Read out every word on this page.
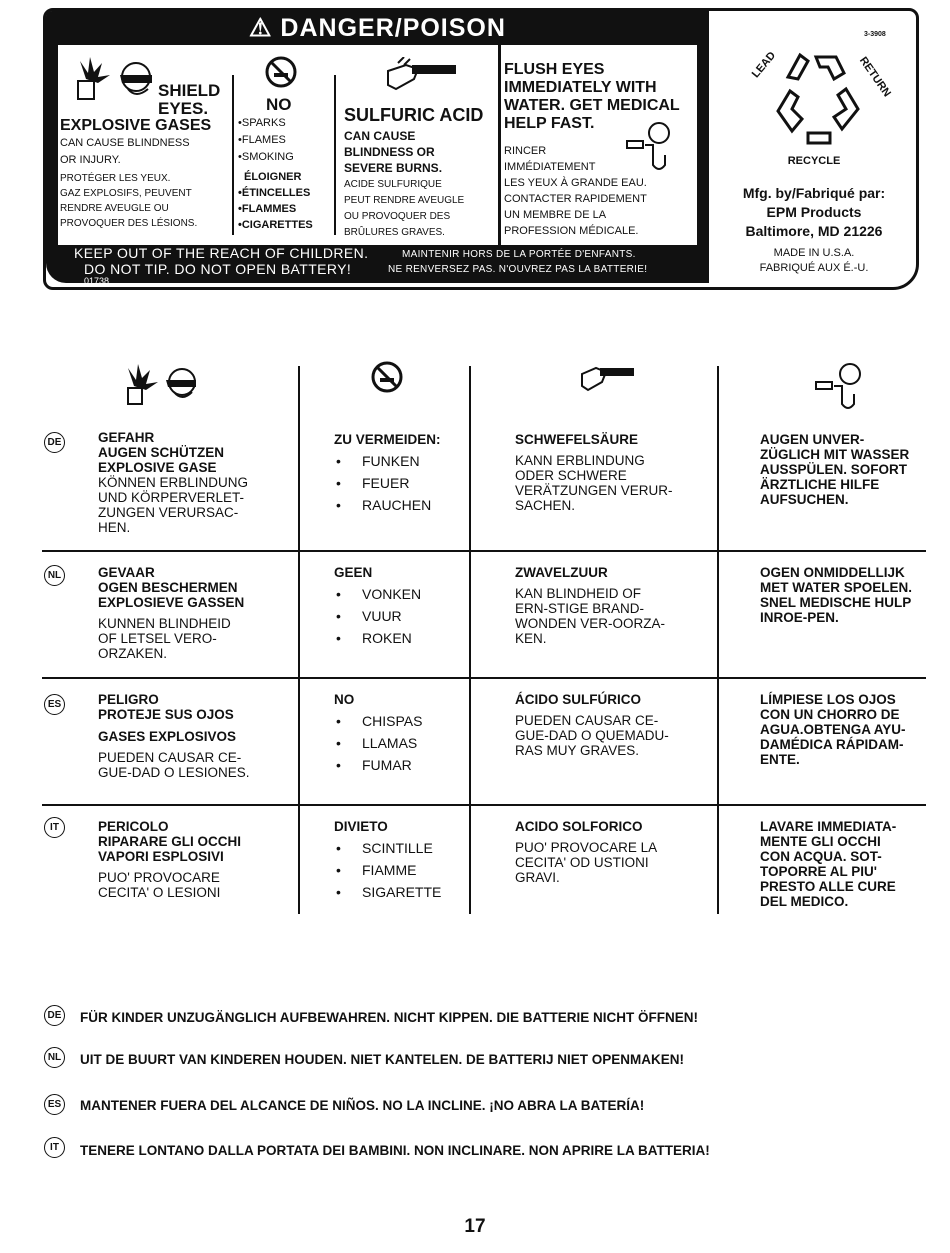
⚠ DANGER/POISON
SHIELD
EYES.
EXPLOSIVE GASES
CAN CAUSE BLINDNESS
OR INJURY.
PROTÉGER LES YEUX.
GAZ EXPLOSIFS, PEUVENT
RENDRE AVEUGLE OU
PROVOQUER DES LÉSIONS.
NO
•SPARKS
•FLAMES
•SMOKING
ÉLOIGNER
•ÉTINCELLES
•FLAMMES
•CIGARETTES
SULFURIC ACID
CAN CAUSE
BLINDNESS OR
SEVERE BURNS.
ACIDE SULFURIQUE
PEUT RENDRE AVEUGLE
OU PROVOQUER DES
BRÛLURES GRAVES.
FLUSH EYES
IMMEDIATELY WITH
WATER. GET MEDICAL
HELP FAST.
RINCER
IMMÉDIATEMENT
LES YEUX À GRANDE EAU.
CONTACTER RAPIDEMENT
UN MEMBRE DE LA
PROFESSION MÉDICALE.
KEEP OUT OF THE REACH OF CHILDREN.
DO NOT TIP. DO NOT OPEN BATTERY!
MAINTENIR HORS DE LA PORTÉE D'ENFANTS.
NE RENVERSEZ PAS. N'OUVREZ PAS LA BATTERIE!
01738
3-3908
LEAD	RETURN
RECYCLE
Mfg. by/Fabriqué par:
EPM Products
Baltimore, MD 21226
MADE IN U.S.A.
FABRIQUÉ AUX É.-U.
DE	GEFAHR
AUGEN SCHÜTZEN
EXPLOSIVE GASE
KÖNNEN ERBLINDUNG
UND KÖRPERVERLET-
ZUNGEN VERURSAC-
HEN.
ZU VERMEIDEN:
• FUNKEN
• FEUER
• RAUCHEN
SCHWEFELSÄURE
KANN ERBLINDUNG
ODER SCHWERE
VERÄTZUNGEN VERUR-
SACHEN.
AUGEN UNVER-
ZÜGLICH MIT WASSER
AUSSPÜLEN. SOFORT
ÄRZTLICHE HILFE
AUFSUCHEN.
NL	GEVAAR
OGEN BESCHERMEN
EXPLOSIEVE GASSEN
KUNNEN BLINDHEID
OF LETSEL VERO-
ORZAKEN.
GEEN
• VONKEN
• VUUR
• ROKEN
ZWAVELZUUR
KAN BLINDHEID OF
ERN-STIGE BRAND-
WONDEN VER-OORZA-
KEN.
OGEN ONMIDDELLIJK
MET WATER SPOELEN.
SNEL MEDISCHE HULP
INROE-PEN.
ES	PELIGRO
PROTEJE SUS OJOS
GASES EXPLOSIVOS
PUEDEN CAUSAR CE-
GUE-DAD O LESIONES.
NO
• CHISPAS
• LLAMAS
• FUMAR
ÁCIDO SULFÚRICO
PUEDEN CAUSAR CE-
GUE-DAD O QUEMADU-
RAS MUY GRAVES.
LÍMPIESE LOS OJOS
CON UN CHORRO DE
AGUA.OBTENGA AYU-
DAMÉDICA RÁPIDAM-
ENTE.
IT	PERICOLO
RIPARARE GLI OCCHI
VAPORI ESPLOSIVI
PUO' PROVOCARE
CECITA' O LESIONI
DIVIETO
• SCINTILLE
• FIAMME
• SIGARETTE
ACIDO SOLFORICO
PUO' PROVOCARE LA
CECITA' OD USTIONI
GRAVI.
LAVARE IMMEDIATA-
MENTE GLI OCCHI
CON ACQUA. SOT-
TOPORRE AL PIU'
PRESTO ALLE CURE
DEL MEDICO.
DE FÜR KINDER UNZUGÄNGLICH AUFBEWAHREN. NICHT KIPPEN. DIE BATTERIE NICHT ÖFFNEN!
NL UIT DE BUURT VAN KINDEREN HOUDEN. NIET KANTELEN. DE BATTERIJ NIET OPENMAKEN!
ES MANTENER FUERA DEL ALCANCE DE NIÑOS. NO LA INCLINE. ¡NO ABRA LA BATERÍA!
IT	TENERE LONTANO DALLA PORTATA DEI BAMBINI. NON INCLINARE. NON APRIRE LA BATTERIA!
17
